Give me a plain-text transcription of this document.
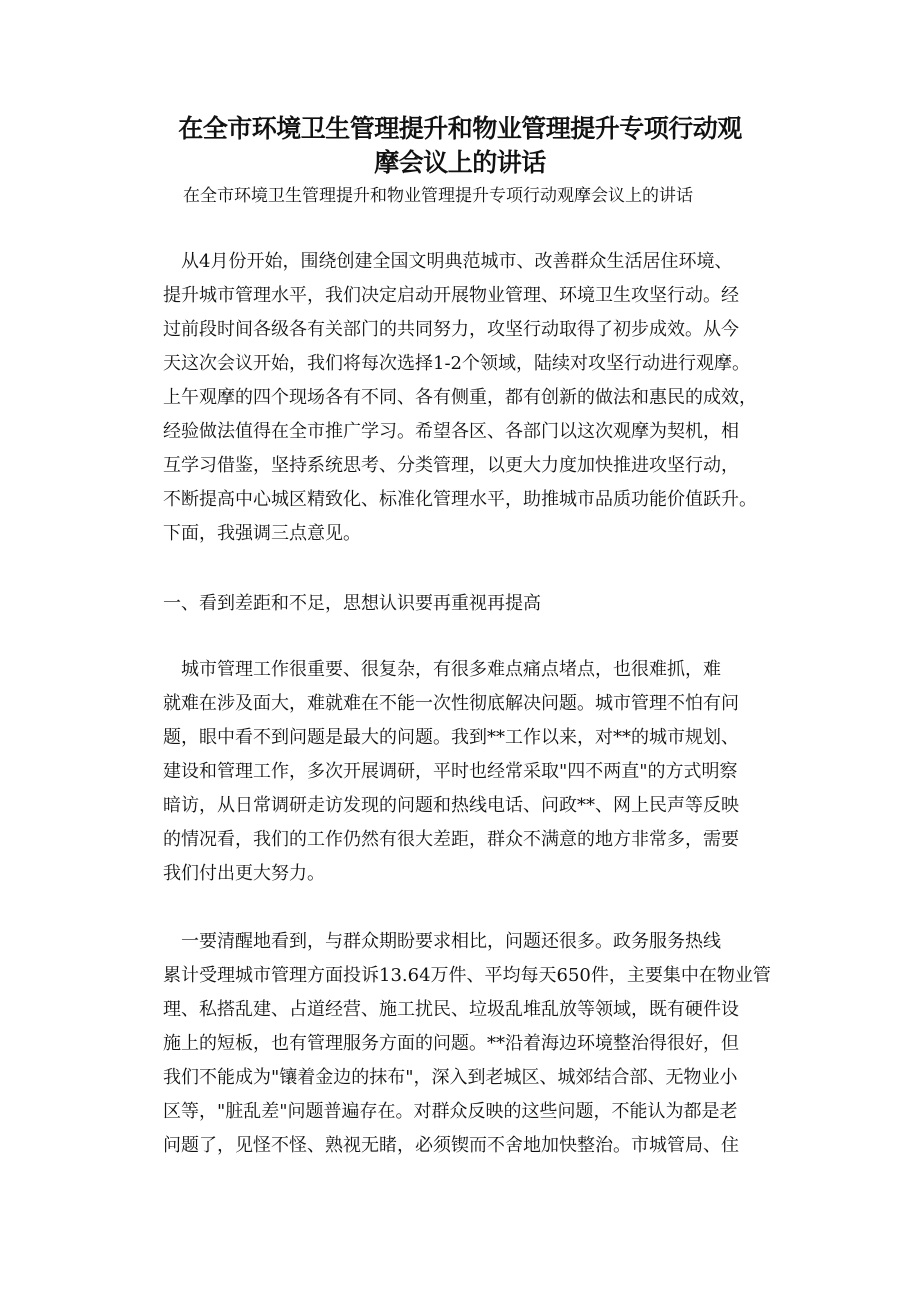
在全市环境卫生管理提升和物业管理提升专项行动观
摩会议上的讲话
在全市环境卫生管理提升和物业管理提升专项行动观摩会议上的讲话
从4月份开始，围绕创建全国文明典范城市、改善群众生活居住环境、
提升城市管理水平，我们决定启动开展物业管理、环境卫生攻坚行动。经
过前段时间各级各有关部门的共同努力，攻坚行动取得了初步成效。从今
天这次会议开始，我们将每次选择1-2个领域，陆续对攻坚行动进行观摩。
上午观摩的四个现场各有不同、各有侧重，都有创新的做法和惠民的成效，
经验做法值得在全市推广学习。希望各区、各部门以这次观摩为契机，相
互学习借鉴，坚持系统思考、分类管理，以更大力度加快推进攻坚行动，
不断提高中心城区精致化、标准化管理水平，助推城市品质功能价值跃升。
下面，我强调三点意见。
一、看到差距和不足，思想认识要再重视再提高
城市管理工作很重要、很复杂，有很多难点痛点堵点，也很难抓，难
就难在涉及面大，难就难在不能一次性彻底解决问题。城市管理不怕有问
题，眼中看不到问题是最大的问题。我到**工作以来，对**的城市规划、
建设和管理工作，多次开展调研，平时也经常采取"四不两直"的方式明察
暗访，从日常调研走访发现的问题和热线电话、问政**、网上民声等反映
的情况看，我们的工作仍然有很大差距，群众不满意的地方非常多，需要
我们付出更大努力。
一要清醒地看到，与群众期盼要求相比，问题还很多。政务服务热线
累计受理城市管理方面投诉13.64万件、平均每天650件，主要集中在物业管
理、私搭乱建、占道经营、施工扰民、垃圾乱堆乱放等领域，既有硬件设
施上的短板，也有管理服务方面的问题。**沿着海边环境整治得很好，但
我们不能成为"镶着金边的抹布"，深入到老城区、城郊结合部、无物业小
区等，"脏乱差"问题普遍存在。对群众反映的这些问题，不能认为都是老
问题了，见怪不怪、熟视无睹，必须锲而不舍地加快整治。市城管局、住
